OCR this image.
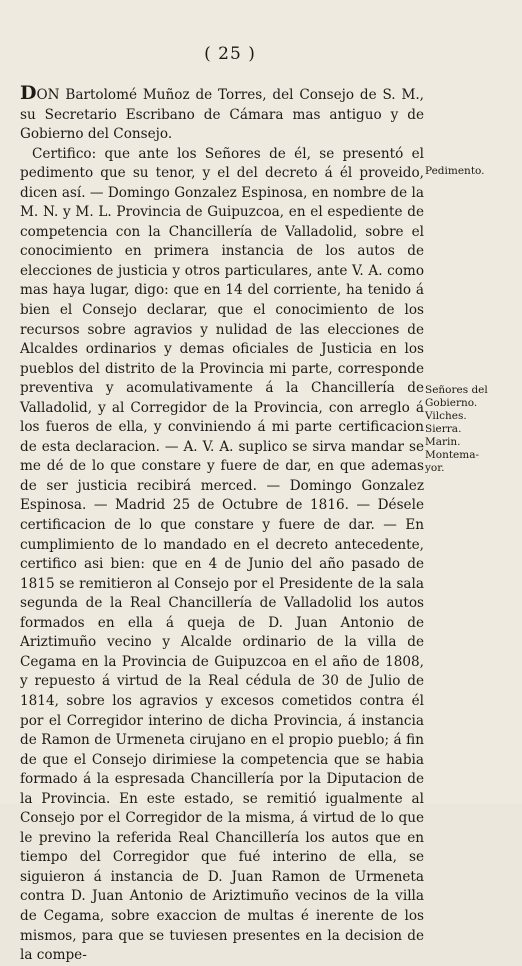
( 25 )

DON Bartolomé Muñoz de Torres, del Consejo de S. M., su Secretario Escribano de Cámara mas antiguo y de Gobierno del Consejo.

Certifico: que ante los Señores de él, se presentó el pedimento que su tenor, y el del decreto á él proveido, dicen así. — Domingo Gonzalez Espinosa, en nombre de la M. N. y M. L. Provincia de Guipuzcoa, en el espediente de competencia con la Chancillería de Valladolid, sobre el conocimiento en primera instancia de los autos de elecciones de justicia y otros particulares, ante V. A. como mas haya lugar, digo: que en 14 del corriente, ha tenido á bien el Consejo declarar, que el conocimiento de los recursos sobre agravios y nulidad de las elecciones de Alcaldes ordinarios y demas oficiales de Justicia en los pueblos del distrito de la Provincia mi parte, corresponde preventiva y acomulativamente á la Chancillería de Valladolid, y al Corregidor de la Provincia, con arreglo á los fueros de ella, y conviniendo á mi parte certificacion de esta declaracion. — A. V. A. suplico se sirva mandar se me dé de lo que constare y fuere de dar, en que ademas de ser justicia recibirá merced. — Domingo Gonzalez Espinosa. — Madrid 25 de Octubre de 1816. — Désele certificacion de lo que constare y fuere de dar. — En cumplimiento de lo mandado en el decreto antecedente, certifico asi bien: que en 4 de Junio del año pasado de 1815 se remitieron al Consejo por el Presidente de la sala segunda de la Real Chancillería de Valladolid los autos formados en ella á queja de D. Juan Antonio de Ariztimuño vecino y Alcalde ordinario de la villa de Cegama en la Provincia de Guipuzcoa en el año de 1808, y repuesto á virtud de la Real cédula de 30 de Julio de 1814, sobre los agravios y excesos cometidos contra él por el Corregidor interino de dicha Provincia, á instancia de Ramon de Urmeneta cirujano en el propio pueblo; á fin de que el Consejo dirimiese la competencia que se habia formado á la espresada Chancillería por la Diputacion de la Provincia. En este estado, se remitió igualmente al Consejo por el Corregidor de la misma, á virtud de lo que le previno la referida Real Chancillería los autos que en tiempo del Corregidor que fué interino de ella, se siguieron á instancia de D. Juan Ramon de Urmeneta contra D. Juan Antonio de Ariztimuño vecinos de la villa de Cegama, sobre exaccion de multas é inerente de los mismos, para que se tuviesen presentes en la decision de la compe-

Pedimento.
Señores del
Gobierno.
Vilches.
Sierra.
Marin.
Montema-
yor.
